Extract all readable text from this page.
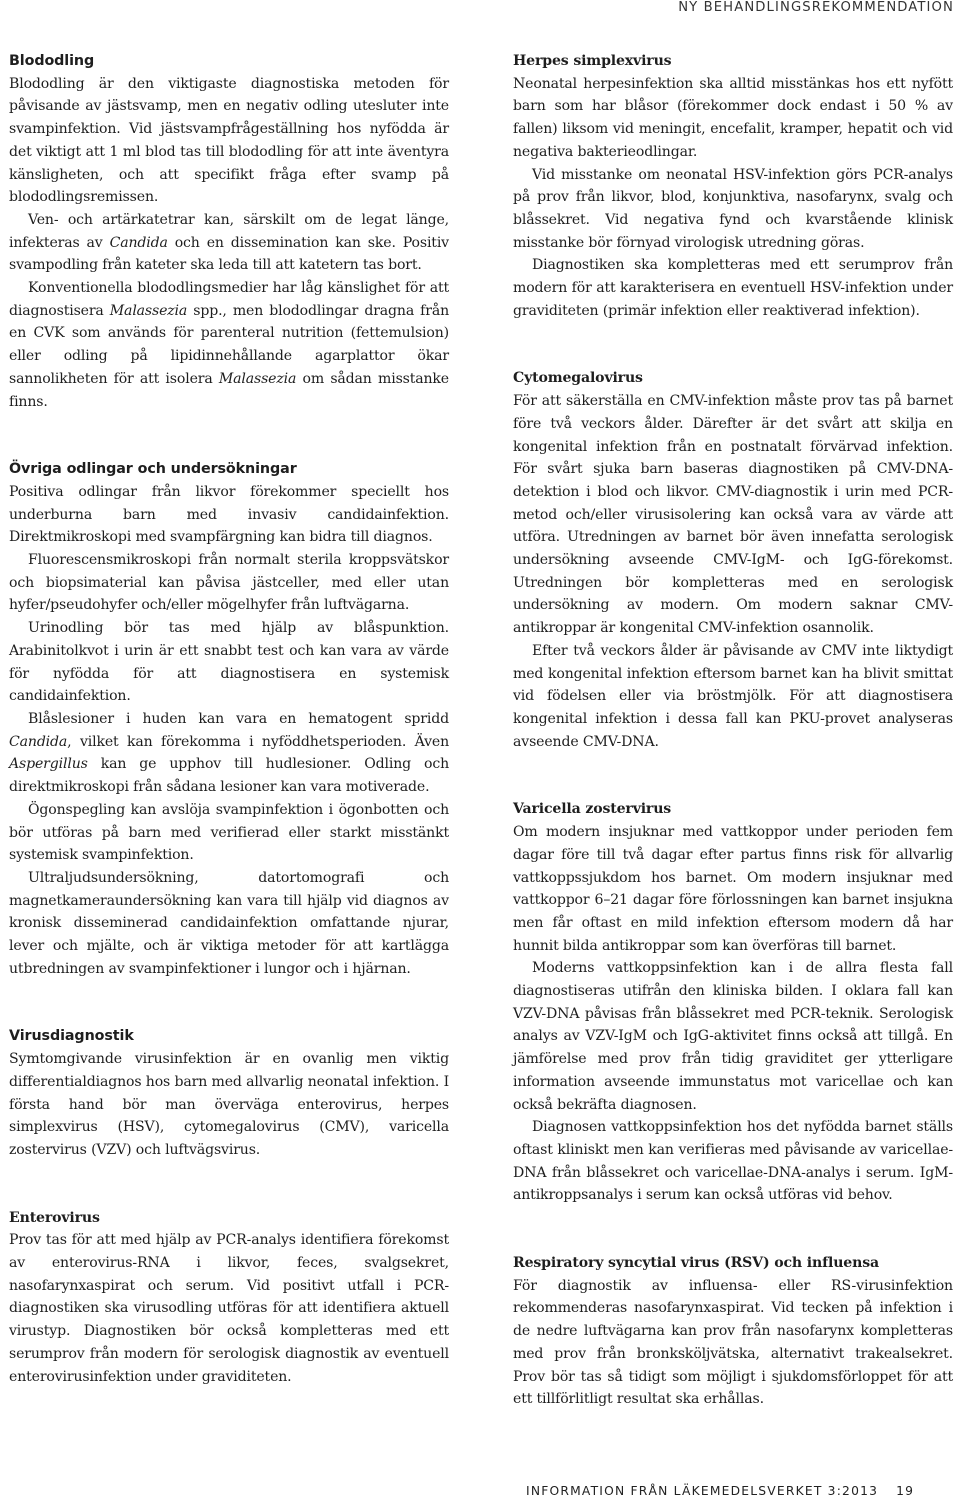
NY BEHANDLINGSREKOMMENDATION
Blododling

Blododling är den viktigaste diagnostiska metoden för påvisande av jästsvamp, men en negativ odling utesluter inte svampinfektion. Vid jästsvampfrågeställning hos nyfödda är det viktigt att 1 ml blod tas till blododling för att inte äventyra känsligheten, och att specifikt fråga efter svamp på blododlingsremissen.

Ven- och artärkatetrar kan, särskilt om de legat länge, infekteras av Candida och en dissemination kan ske. Positiv svampodling från kateter ska leda till att katetern tas bort.

Konventionella blododlingsmedier har låg känslighet för att diagnostisera Malassezia spp., men blododlingar dragna från en CVK som används för parenteral nutrition (fettemulsion) eller odling på lipidinnehållande agarplattor ökar sannolikheten för att isolera Malassezia om sådan misstanke finns.

Övriga odlingar och undersökningar

Positiva odlingar från likvor förekommer speciellt hos underburna barn med invasiv candidainfektion. Direktmikroskopi med svampfärgning kan bidra till diagnos.

Fluorescensmikroskopi från normalt sterila kroppsvätskor och biopsimaterial kan påvisa jästceller, med eller utan hyfer/pseudohyfer och/eller mögelhyfer från luftvägarna.

Urinodling bör tas med hjälp av blåspunktion. Arabinitolkvot i urin är ett snabbt test och kan vara av värde för nyfödda för att diagnostisera en systemisk candidainfektion.

Blåslesioner i huden kan vara en hematogent spridd Candida, vilket kan förekomma i nyföddhetsperioden. Även Aspergillus kan ge upphov till hudlesioner. Odling och direktmikroskopi från sådana lesioner kan vara motiverade.

Ögonspegling kan avslöja svampinfektion i ögonbotten och bör utföras på barn med verifierad eller starkt misstänkt systemisk svampinfektion.

Ultraljudsundersökning, datortomografi och magnetkameraundersökning kan vara till hjälp vid diagnos av kronisk disseminerad candidainfektion omfattande njurar, lever och mjälte, och är viktiga metoder för att kartlägga utbredningen av svampinfektioner i lungor och i hjärnan.

Virusdiagnostik

Symtomgivande virusinfektion är en ovanlig men viktig differentialdiagnos hos barn med allvarlig neonatal infektion. I första hand bör man överväga enterovirus, herpes simplexvirus (HSV), cytomegalovirus (CMV), varicella zostervirus (VZV) och luftvägsvirus.

Enterovirus

Prov tas för att med hjälp av PCR-analys identifiera förekomst av enterovirus-RNA i likvor, feces, svalgsekret, nasofarynxaspirat och serum. Vid positivt utfall i PCR-diagnostiken ska virusodling utföras för att identifiera aktuell virustyp. Diagnostiken bör också kompletteras med ett serumprov från modern för serologisk diagnostik av eventuell enterovirusinfektion under graviditeten.

Herpes simplexvirus

Neonatal herpesinfektion ska alltid misstänkas hos ett nyfött barn som har blåsor (förekommer dock endast i 50 % av fallen) liksom vid meningit, encefalit, kramper, hepatit och vid negativa bakterieodlingar.

Vid misstanke om neonatal HSV-infektion görs PCR-analys på prov från likvor, blod, konjunktiva, nasofarynx, svalg och blåssekret. Vid negativa fynd och kvarstående klinisk misstanke bör förnyad virologisk utredning göras.

Diagnostiken ska kompletteras med ett serumprov från modern för att karakterisera en eventuell HSV-infektion under graviditeten (primär infektion eller reaktiverad infektion).

Cytomegalovirus

För att säkerställa en CMV-infektion måste prov tas på barnet före två veckors ålder. Därefter är det svårt att skilja en kongenital infektion från en postnatalt förvärvad infektion. För svårt sjuka barn baseras diagnostiken på CMV-DNA-detektion i blod och likvor. CMV-diagnostik i urin med PCR-metod och/eller virusisolering kan också vara av värde att utföra. Utredningen av barnet bör även innefatta serologisk undersökning avseende CMV-IgM- och IgG-förekomst. Utredningen bör kompletteras med en serologisk undersökning av modern. Om modern saknar CMV-antikroppar är kongenital CMV-infektion osannolik.

Efter två veckors ålder är påvisande av CMV inte liktydigt med kongenital infektion eftersom barnet kan ha blivit smittat vid födelsen eller via bröstmjölk. För att diagnostisera kongenital infektion i dessa fall kan PKU-provet analyseras avseende CMV-DNA.

Varicella zostervirus

Om modern insjuknar med vattkoppor under perioden fem dagar före till två dagar efter partus finns risk för allvarlig vattkoppssjukdom hos barnet. Om modern insjuknar med vattkoppor 6–21 dagar före förlossningen kan barnet insjukna men får oftast en mild infektion eftersom modern då har hunnit bilda antikroppar som kan överföras till barnet.

Moderns vattkoppsinfektion kan i de allra flesta fall diagnostiseras utifrån den kliniska bilden. I oklara fall kan VZV-DNA påvisas från blåssekret med PCR-teknik. Serologisk analys av VZV-IgM och IgG-aktivitet finns också att tillgå. En jämförelse med prov från tidig graviditet ger ytterligare information avseende immunstatus mot varicellae och kan också bekräfta diagnosen.

Diagnosen vattkoppsinfektion hos det nyfödda barnet ställs oftast kliniskt men kan verifieras med påvisande av varicellae-DNA från blåssekret och varicellae-DNA-analys i serum. IgM-antikroppsanalys i serum kan också utföras vid behov.

Respiratory syncytial virus (RSV) och influensa

För diagnostik av influensa- eller RS-virusinfektion rekommenderas nasofarynxaspirat. Vid tecken på infektion i de nedre luftvägarna kan prov från nasofarynx kompletteras med prov från bronksköljvätska, alternativt trakealsekret. Prov bör tas så tidigt som möjligt i sjukdomsförloppet för att ett tillförlitligt resultat ska erhållas.

INFORMATION FRÅN LÄKEMEDELSVERKET 3:2013 19
